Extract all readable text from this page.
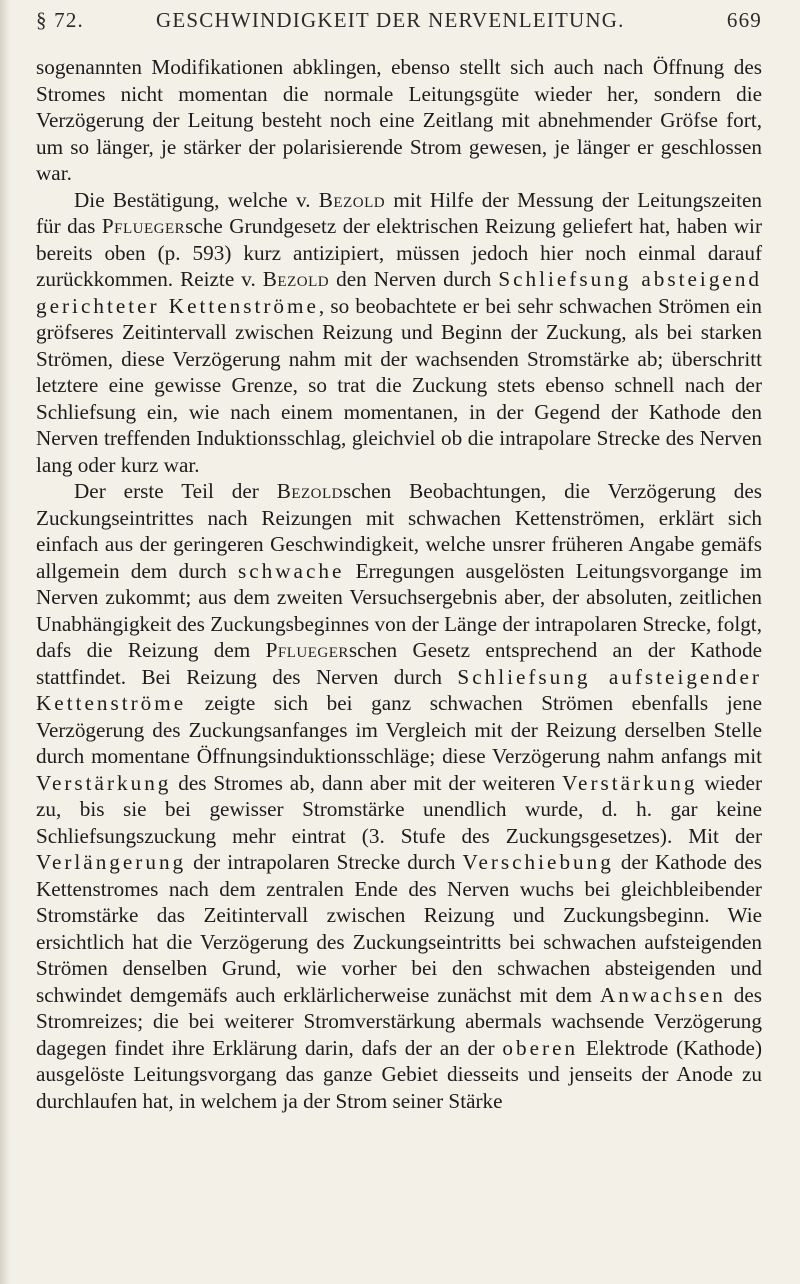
§ 72.	GESCHWINDIGKEIT DER NERVENLEITUNG.	669

sogenannten Modifikationen abklingen, ebenso stellt sich auch nach Öffnung des Stromes nicht momentan die normale Leitungsgüte wieder her, sondern die Verzögerung der Leitung besteht noch eine Zeitlang mit abnehmender Gröfse fort, um so länger, je stärker der polarisierende Strom gewesen, je länger er geschlossen war.

Die Bestätigung, welche v. Bezold mit Hilfe der Messung der Leitungszeiten für das Pfluegersche Grundgesetz der elektrischen Reizung geliefert hat, haben wir bereits oben (p. 593) kurz antizipiert, müssen jedoch hier noch einmal darauf zurückkommen. Reizte v. Bezold den Nerven durch Schliefsung absteigend gerichteter Kettenströme, so beobachtete er bei sehr schwachen Strömen ein gröfseres Zeitintervall zwischen Reizung und Beginn der Zuckung, als bei starken Strömen, diese Verzögerung nahm mit der wachsenden Stromstärke ab; überschritt letztere eine gewisse Grenze, so trat die Zuckung stets ebenso schnell nach der Schliefsung ein, wie nach einem momentanen, in der Gegend der Kathode den Nerven treffenden Induktionsschlag, gleichviel ob die intrapolare Strecke des Nerven lang oder kurz war.

Der erste Teil der Bezoldschen Beobachtungen, die Verzögerung des Zuckungseintrittes nach Reizungen mit schwachen Kettenströmen, erklärt sich einfach aus der geringeren Geschwindigkeit, welche unsrer früheren Angabe gemäfs allgemein dem durch schwache Erregungen ausgelösten Leitungsvorgange im Nerven zukommt; aus dem zweiten Versuchsergebnis aber, der absoluten, zeitlichen Unabhängigkeit des Zuckungsbeginnes von der Länge der intrapolaren Strecke, folgt, dafs die Reizung dem Pfluegerschen Gesetz entsprechend an der Kathode stattfindet. Bei Reizung des Nerven durch Schliefsung aufsteigender Kettenströme zeigte sich bei ganz schwachen Strömen ebenfalls jene Verzögerung des Zuckungsanfanges im Vergleich mit der Reizung derselben Stelle durch momentane Öffnungsinduktionsschläge; diese Verzögerung nahm anfangs mit Verstärkung des Stromes ab, dann aber mit der weiteren Verstärkung wieder zu, bis sie bei gewisser Stromstärke unendlich wurde, d. h. gar keine Schliefsungszuckung mehr eintrat (3. Stufe des Zuckungsgesetzes). Mit der Verlängerung der intrapolaren Strecke durch Verschiebung der Kathode des Kettenstromes nach dem zentralen Ende des Nerven wuchs bei gleichbleibender Stromstärke das Zeitintervall zwischen Reizung und Zuckungsbeginn. Wie ersichtlich hat die Verzögerung des Zuckungseintritts bei schwachen aufsteigenden Strömen denselben Grund, wie vorher bei den schwachen absteigenden und schwindet demgemäfs auch erklärlicherweise zunächst mit dem Anwachsen des Stromreizes; die bei weiterer Stromverstärkung abermals wachsende Verzögerung dagegen findet ihre Erklärung darin, dafs der an der oberen Elektrode (Kathode) ausgelöste Leitungsvorgang das ganze Gebiet diesseits und jenseits der Anode zu durchlaufen hat, in welchem ja der Strom seiner Stärke
